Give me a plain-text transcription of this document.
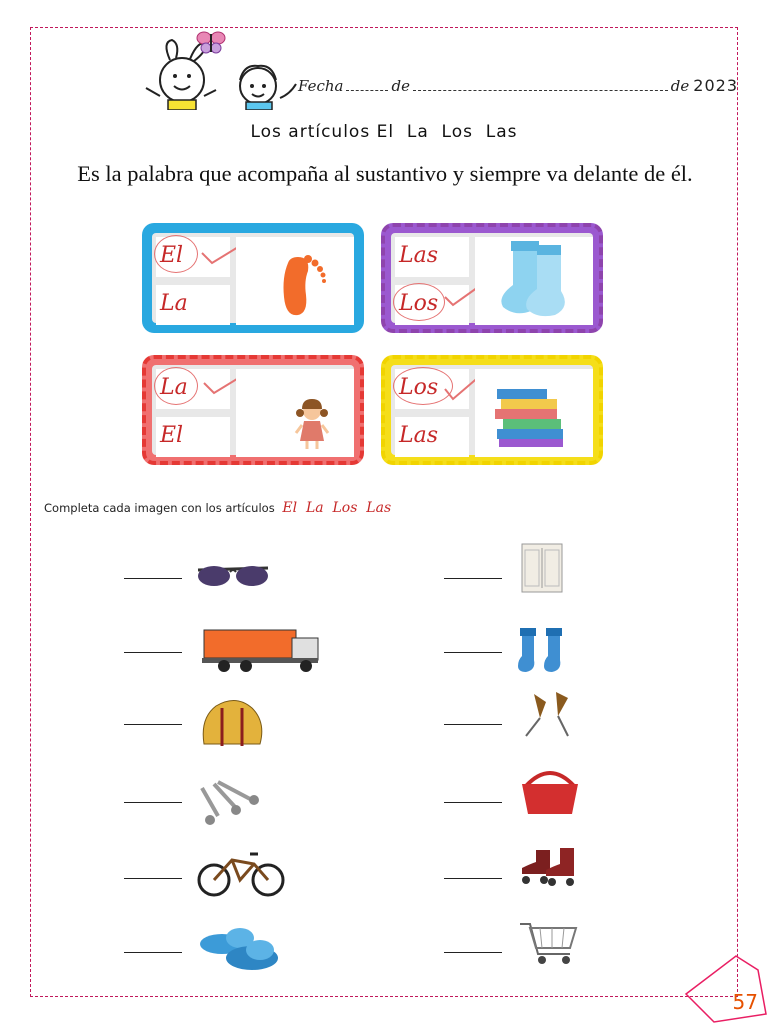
Fecha	de	de 2023
Los artículos El  La  Los  Las
Es la palabra que acompaña al sustantivo y siempre va delante de él.
El
La
Las
Los
La
El
Los
Las
Completa cada imagen con los artículos El  La  Los  Las
57
